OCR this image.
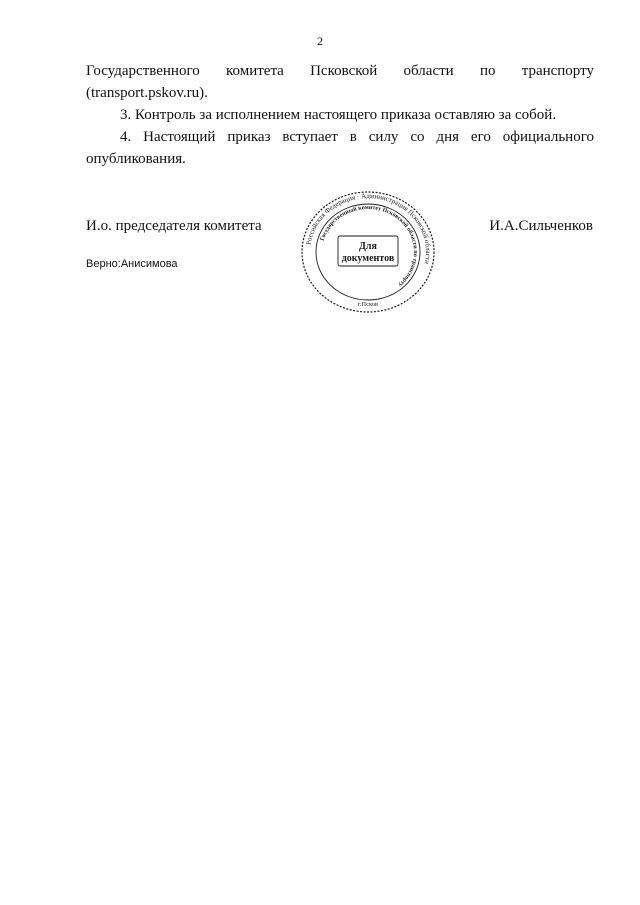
2
Государственного комитета Псковской области по транспорту

(transport.pskov.ru).

3. Контроль за исполнением настоящего приказа оставляю за собой.

4. Настоящий приказ вступает в силу со дня его официального

опубликования.

И.о. председателя комитета	И.А.Сильченков
Верно:Анисимова
Российская Федерация · Администрация Псковской области
Государственный комитет Псковской области по транспорту
Для
документов
г.Псков
